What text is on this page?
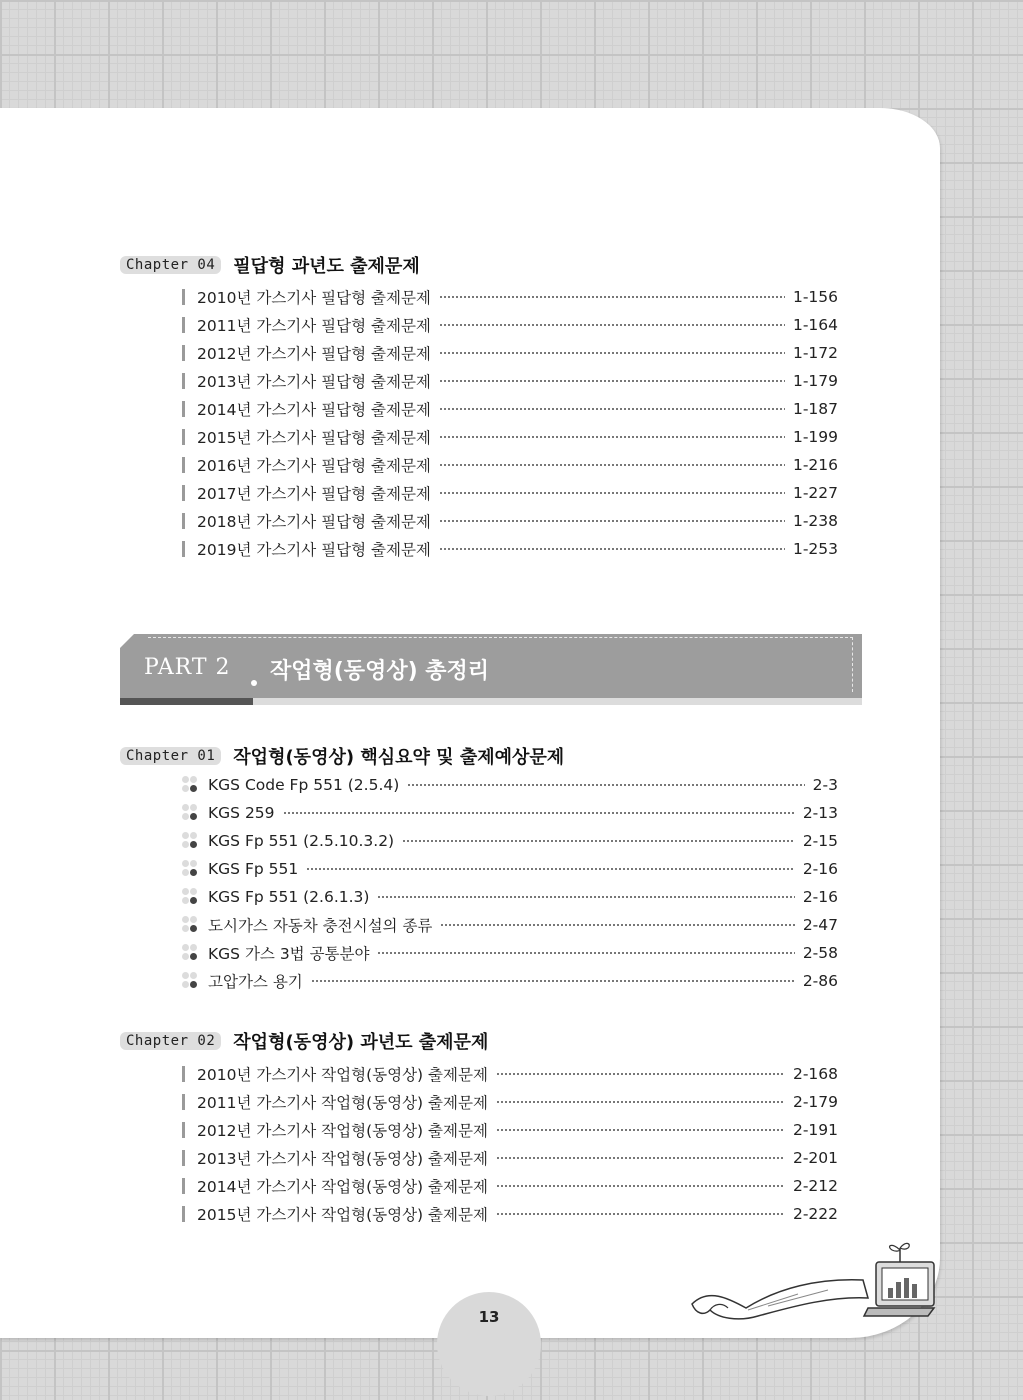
Chapter 04	필답형 과년도 출제문제
2010년 가스기사 필답형 출제문제	1-156
2011년 가스기사 필답형 출제문제	1-164
2012년 가스기사 필답형 출제문제	1-172
2013년 가스기사 필답형 출제문제	1-179
2014년 가스기사 필답형 출제문제	1-187
2015년 가스기사 필답형 출제문제	1-199
2016년 가스기사 필답형 출제문제	1-216
2017년 가스기사 필답형 출제문제	1-227
2018년 가스기사 필답형 출제문제	1-238
2019년 가스기사 필답형 출제문제	1-253
PART 2 작업형(동영상) 총정리
Chapter 01	작업형(동영상) 핵심요약 및 출제예상문제
KGS Code Fp 551 (2.5.4)	2-3
KGS 259	2-13
KGS Fp 551 (2.5.10.3.2)	2-15
KGS Fp 551	2-16
KGS Fp 551 (2.6.1.3)	2-16
도시가스 자동차 충전시설의 종류	2-47
KGS 가스 3법 공통분야	2-58
고압가스 용기	2-86
Chapter 02	작업형(동영상) 과년도 출제문제
2010년 가스기사 작업형(동영상) 출제문제	2-168
2011년 가스기사 작업형(동영상) 출제문제	2-179
2012년 가스기사 작업형(동영상) 출제문제	2-191
2013년 가스기사 작업형(동영상) 출제문제	2-201
2014년 가스기사 작업형(동영상) 출제문제	2-212
2015년 가스기사 작업형(동영상) 출제문제	2-222
13
